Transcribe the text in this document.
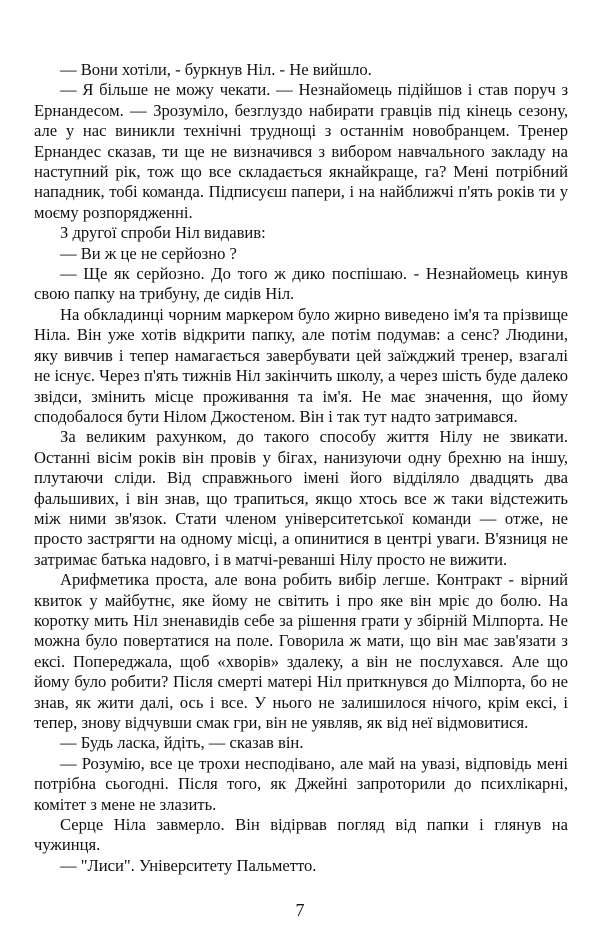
— Вони хотіли, - буркнув Ніл. - Не вийшло.

— Я більше не можу чекати. — Незнайомець підійшов і став поруч з Ернандесом. — Зрозуміло, безглуздо набирати гравців під кінець сезону, але у нас виникли технічні труднощі з останнім новобранцем. Тренер Ернандес сказав, ти ще не визначився з вибором навчального закладу на наступний рік, тож що все складається якнайкраще, га? Мені потрібний нападник, тобі команда. Підписуєш папери, і на найближчі п'ять років ти у моєму розпорядженні.

З другої спроби Ніл видавив:

— Ви ж це не серйозно ?

— Ще як серйозно. До того ж дико поспішаю. - Незнайомець кинув свою папку на трибуну, де сидів Ніл.

На обкладинці чорним маркером було жирно виведено ім'я та прізвище Ніла. Він уже хотів відкрити папку, але потім подумав: а сенс? Людини, яку вивчив і тепер намагається завербувати цей заїжджий тренер, взагалі не існує. Через п'ять тижнів Ніл закінчить школу, а через шість буде далеко звідси, змінить місце проживання та ім'я. Не має значення, що йому сподобалося бути Нілом Джостеном. Він і так тут надто затримався.

За великим рахунком, до такого способу життя Нілу не звикати. Останні вісім років він провів у бігах, нанизуючи одну брехню на іншу, плутаючи сліди. Від справжнього імені його відділяло двадцять два фальшивих, і він знав, що трапиться, якщо хтось все ж таки відстежить між ними зв'язок. Стати членом університетської команди — отже, не просто застрягти на одному місці, а опинитися в центрі уваги. В'язниця не затримає батька надовго, і в матчі-реванші Нілу просто не вижити.

Арифметика проста, але вона робить вибір легше. Контракт - вірний квиток у майбутнє, яке йому не світить і про яке він мріє до болю. На коротку мить Ніл зненавидів себе за рішення грати у збірній Мілпорта. Не можна було повертатися на поле. Говорила ж мати, що він має зав'язати з ексі. Попереджала, щоб «хворів» здалеку, а він не послухався. Але що йому було робити? Після смерті матері Ніл приткнувся до Мілпорта, бо не знав, як жити далі, ось і все. У нього не залишилося нічого, крім ексі, і тепер, знову відчувши смак гри, він не уявляв, як від неї відмовитися.

— Будь ласка, йдіть, — сказав він.

— Розумію, все це трохи несподівано, але май на увазі, відповідь мені потрібна сьогодні. Після того, як Джейні запроторили до психлікарні, комітет з мене не злазить.

Серце Ніла завмерло. Він відірвав погляд від папки і глянув на чужинця.

— "Лиси". Університету Пальметто.

7
